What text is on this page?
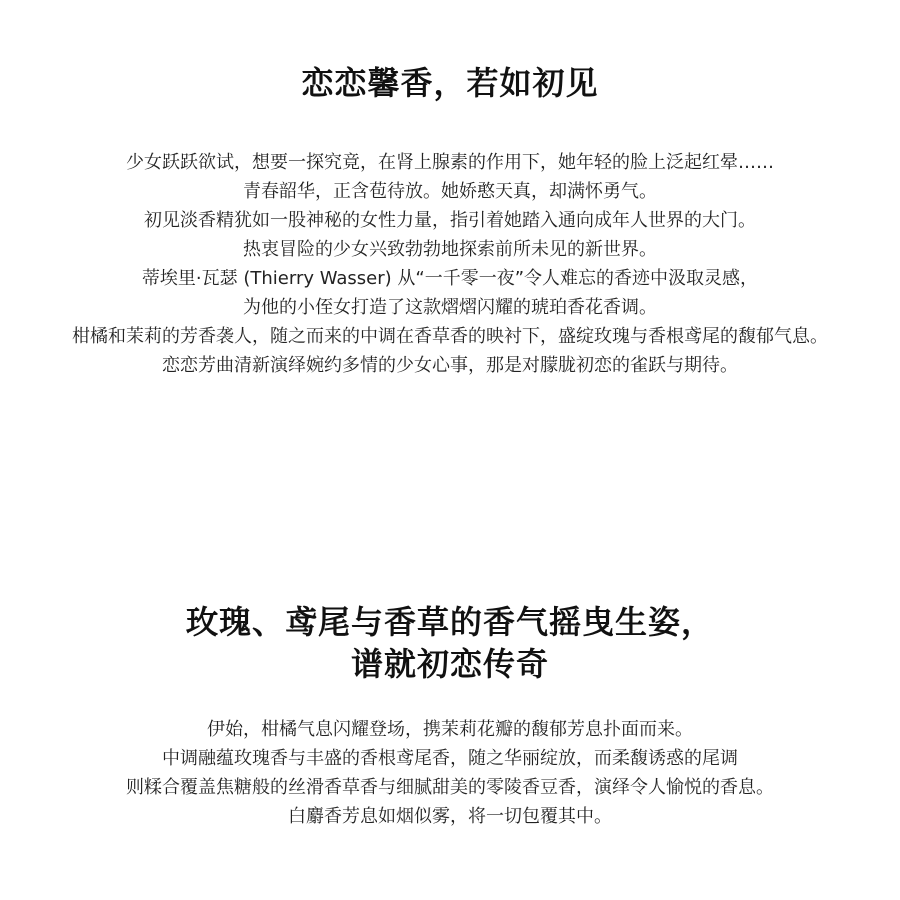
恋恋馨香，若如初见

少女跃跃欲试，想要一探究竟，在肾上腺素的作用下，她年轻的脸上泛起红晕……
青春韶华，正含苞待放。她娇憨天真，却满怀勇气。
初见淡香精犹如一股神秘的女性力量，指引着她踏入通向成年人世界的大门。
热衷冒险的少女兴致勃勃地探索前所未见的新世界。
蒂埃里·瓦瑟 (Thierry Wasser) 从“一千零一夜”令人难忘的香迹中汲取灵感，
为他的小侄女打造了这款熠熠闪耀的琥珀香花香调。
柑橘和茉莉的芳香袭人，随之而来的中调在香草香的映衬下，盛绽玫瑰与香根鸢尾的馥郁气息。
恋恋芳曲清新演绎婉约多情的少女心事，那是对朦胧初恋的雀跃与期待。

玫瑰、鸢尾与香草的香气摇曳生姿，
谱就初恋传奇

伊始，柑橘气息闪耀登场，携茉莉花瓣的馥郁芳息扑面而来。
中调融蕴玫瑰香与丰盛的香根鸢尾香，随之华丽绽放，而柔馥诱惑的尾调
则糅合覆盖焦糖般的丝滑香草香与细腻甜美的零陵香豆香，演绎令人愉悦的香息。
白麝香芳息如烟似雾，将一切包覆其中。
